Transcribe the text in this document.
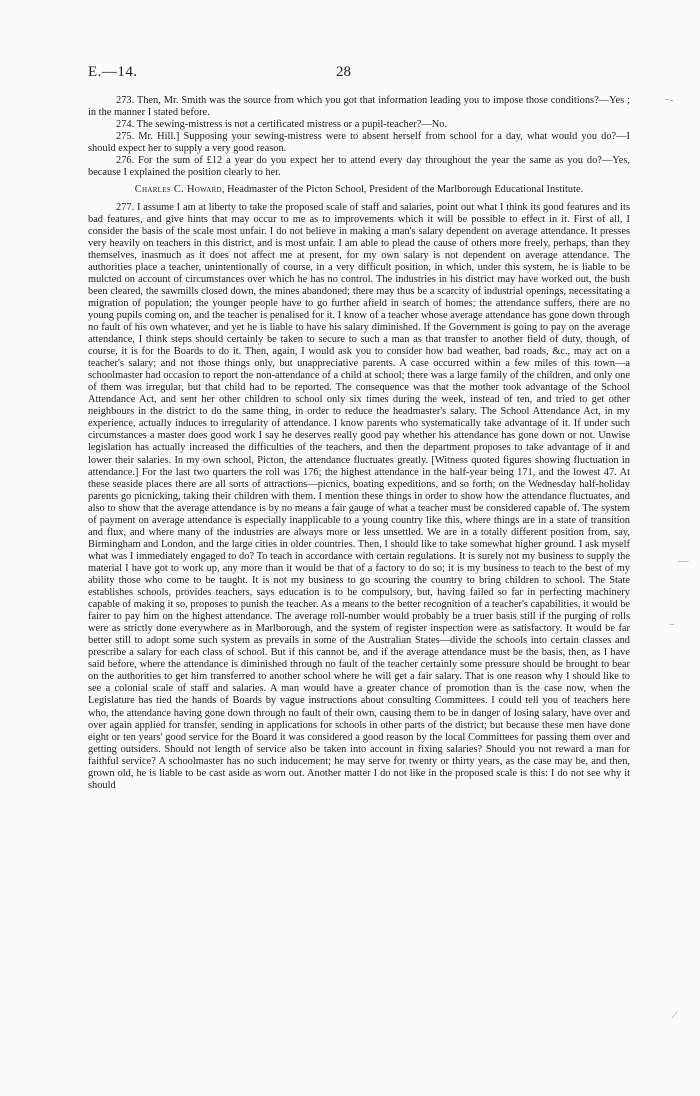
E.—14.	28

273. Then, Mr. Smith was the source from which you got that information leading you to impose those conditions?—Yes ; in the manner I stated before.

274. The sewing-mistress is not a certificated mistress or a pupil-teacher?—No.

275. Mr. Hill.] Supposing your sewing-mistress were to absent herself from school for a day, what would you do?—I should expect her to supply a very good reason.

276. For the sum of £12 a year do you expect her to attend every day throughout the year the same as you do?—Yes, because I explained the position clearly to her.

Charles C. Howard, Headmaster of the Picton School, President of the Marlborough Educational Institute.

277. I assume I am at liberty to take the proposed scale of staff and salaries, point out what I think its good features and its bad features, and give hints that may occur to me as to improvements which it will be possible to effect in it. First of all, I consider the basis of the scale most unfair. I do not believe in making a man's salary dependent on average attendance. It presses very heavily on teachers in this district, and is most unfair. I am able to plead the cause of others more freely, perhaps, than they themselves, inasmuch as it does not affect me at present, for my own salary is not dependent on average attendance. The authorities place a teacher, unintentionally of course, in a very difficult position, in which, under this system, he is liable to be mulcted on account of circumstances over which he has no control. The industries in his district may have worked out, the bush been cleared, the sawmills closed down, the mines abandoned; there may thus be a scarcity of industrial openings, necessitating a migration of population; the younger people have to go further afield in search of homes; the attendance suffers, there are no young pupils coming on, and the teacher is penalised for it. I know of a teacher whose average attendance has gone down through no fault of his own whatever, and yet he is liable to have his salary diminished. If the Government is going to pay on the average attendance, I think steps should certainly be taken to secure to such a man as that transfer to another field of duty, though, of course, it is for the Boards to do it. Then, again, I would ask you to consider how bad weather, bad roads, &c., may act on a teacher's salary; and not those things only, but unappreciative parents. A case occurred within a few miles of this town—a schoolmaster had occasion to report the non-attendance of a child at school; there was a large family of the children, and only one of them was irregular, but that child had to be reported. The consequence was that the mother took advantage of the School Attendance Act, and sent her other children to school only six times during the week, instead of ten, and tried to get other neighbours in the district to do the same thing, in order to reduce the headmaster's salary. The School Attendance Act, in my experience, actually induces to irregularity of attendance. I know parents who systematically take advantage of it. If under such circumstances a master does good work I say he deserves really good pay whether his attendance has gone down or not. Unwise legislation has actually increased the difficulties of the teachers, and then the department proposes to take advantage of it and lower their salaries. In my own school, Picton, the attendance fluctuates greatly. [Witness quoted figures showing fluctuation in attendance.] For the last two quarters the roll was 176; the highest attendance in the half-year being 171, and the lowest 47. At these seaside places there are all sorts of attractions—picnics, boating expeditions, and so forth; on the Wednesday half-holiday parents go picnicking, taking their children with them. I mention these things in order to show how the attendance fluctuates, and also to show that the average attendance is by no means a fair gauge of what a teacher must be considered capable of. The system of payment on average attendance is especially inapplicable to a young country like this, where things are in a state of transition and flux, and where many of the industries are always more or less unsettled. We are in a totally different position from, say, Birmingham and London, and the large cities in older countries. Then, I should like to take somewhat higher ground. I ask myself what was I immediately engaged to do? To teach in accordance with certain regulations. It is surely not my business to supply the material I have got to work up, any more than it would be that of a factory to do so; it is my business to teach to the best of my ability those who come to be taught. It is not my business to go scouring the country to bring children to school. The State establishes schools, provides teachers, says education is to be compulsory, but, having failed so far in perfecting machinery capable of making it so, proposes to punish the teacher. As a means to the better recognition of a teacher's capabilities, it would be fairer to pay him on the highest attendance. The average roll-number would probably be a truer basis still if the purging of rolls were as strictly done everywhere as in Marlborough, and the system of register inspection were as satisfactory. It would be far better still to adopt some such system as prevails in some of the Australian States—divide the schools into certain classes and prescribe a salary for each class of school. But if this cannot be, and if the average attendance must be the basis, then, as I have said before, where the attendance is diminished through no fault of the teacher certainly some pressure should be brought to bear on the authorities to get him transferred to another school where he will get a fair salary. That is one reason why I should like to see a colonial scale of staff and salaries. A man would have a greater chance of promotion than is the case now, when the Legislature has tied the hands of Boards by vague instructions about consulting Committees. I could tell you of teachers here who, the attendance having gone down through no fault of their own, causing them to be in danger of losing salary, have over and over again applied for transfer, sending in applications for schools in other parts of the district; but because these men have done eight or ten years' good service for the Board it was considered a good reason by the local Committees for passing them over and getting outsiders. Should not length of service also be taken into account in fixing salaries? Should you not reward a man for faithful service? A schoolmaster has no such inducement; he may serve for twenty or thirty years, as the case may be, and then, grown old, he is liable to be cast aside as worn out. Another matter I do not like in the proposed scale is this: I do not see why it should

˜⁻
—
⁻
⁄
